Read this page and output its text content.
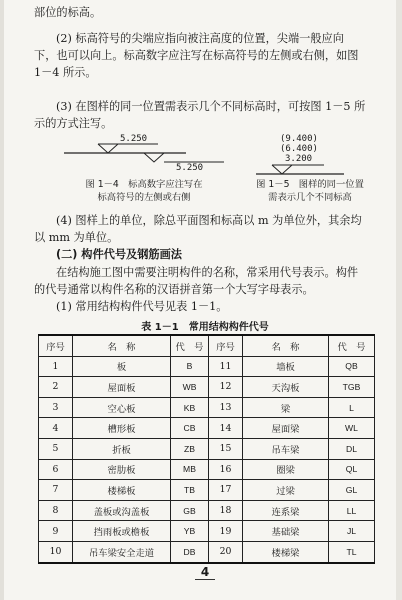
部位的标高。

(2) 标高符号的尖端应指向被注高度的位置，尖端一般应向下，也可以向上。标高数字应注写在标高符号的左侧或右侧，如图 1－4 所示。

(3) 在图样的同一位置需表示几个不同标高时，可按图 1－5 所示的方式注写。

5.250
5.250
图 1－4　标高数字应注写在
标高符号的左侧或右侧
(9.400)
(6.400)
3.200
图 1－5　图样的同一位置
需表示几个不同标高

(4) 图样上的单位，除总平面图和标高以 m 为单位外，其余均以 mm 为单位。

(二) 构件代号及钢筋画法

在结构施工图中需要注明构件的名称，常采用代号表示。构件的代号通常以构件名称的汉语拼音第一个大写字母表示。

(1) 常用结构构件代号见表 1－1。

表 1－1　常用结构构件代号
序号	名　称	代　号	序号	名　称	代　号
1	板	B	11	墙板	QB
2	屋面板	WB	12	天沟板	TGB
3	空心板	KB	13	梁	L
4	槽形板	CB	14	屋面梁	WL
5	折板	ZB	15	吊车梁	DL
6	密肋板	MB	16	圈梁	QL
7	楼梯板	TB	17	过梁	GL
8	盖板或沟盖板	GB	18	连系梁	LL
9	挡雨板或檐板	YB	19	基础梁	JL
10	吊车梁安全走道	DB	20	楼梯梁	TL
4
